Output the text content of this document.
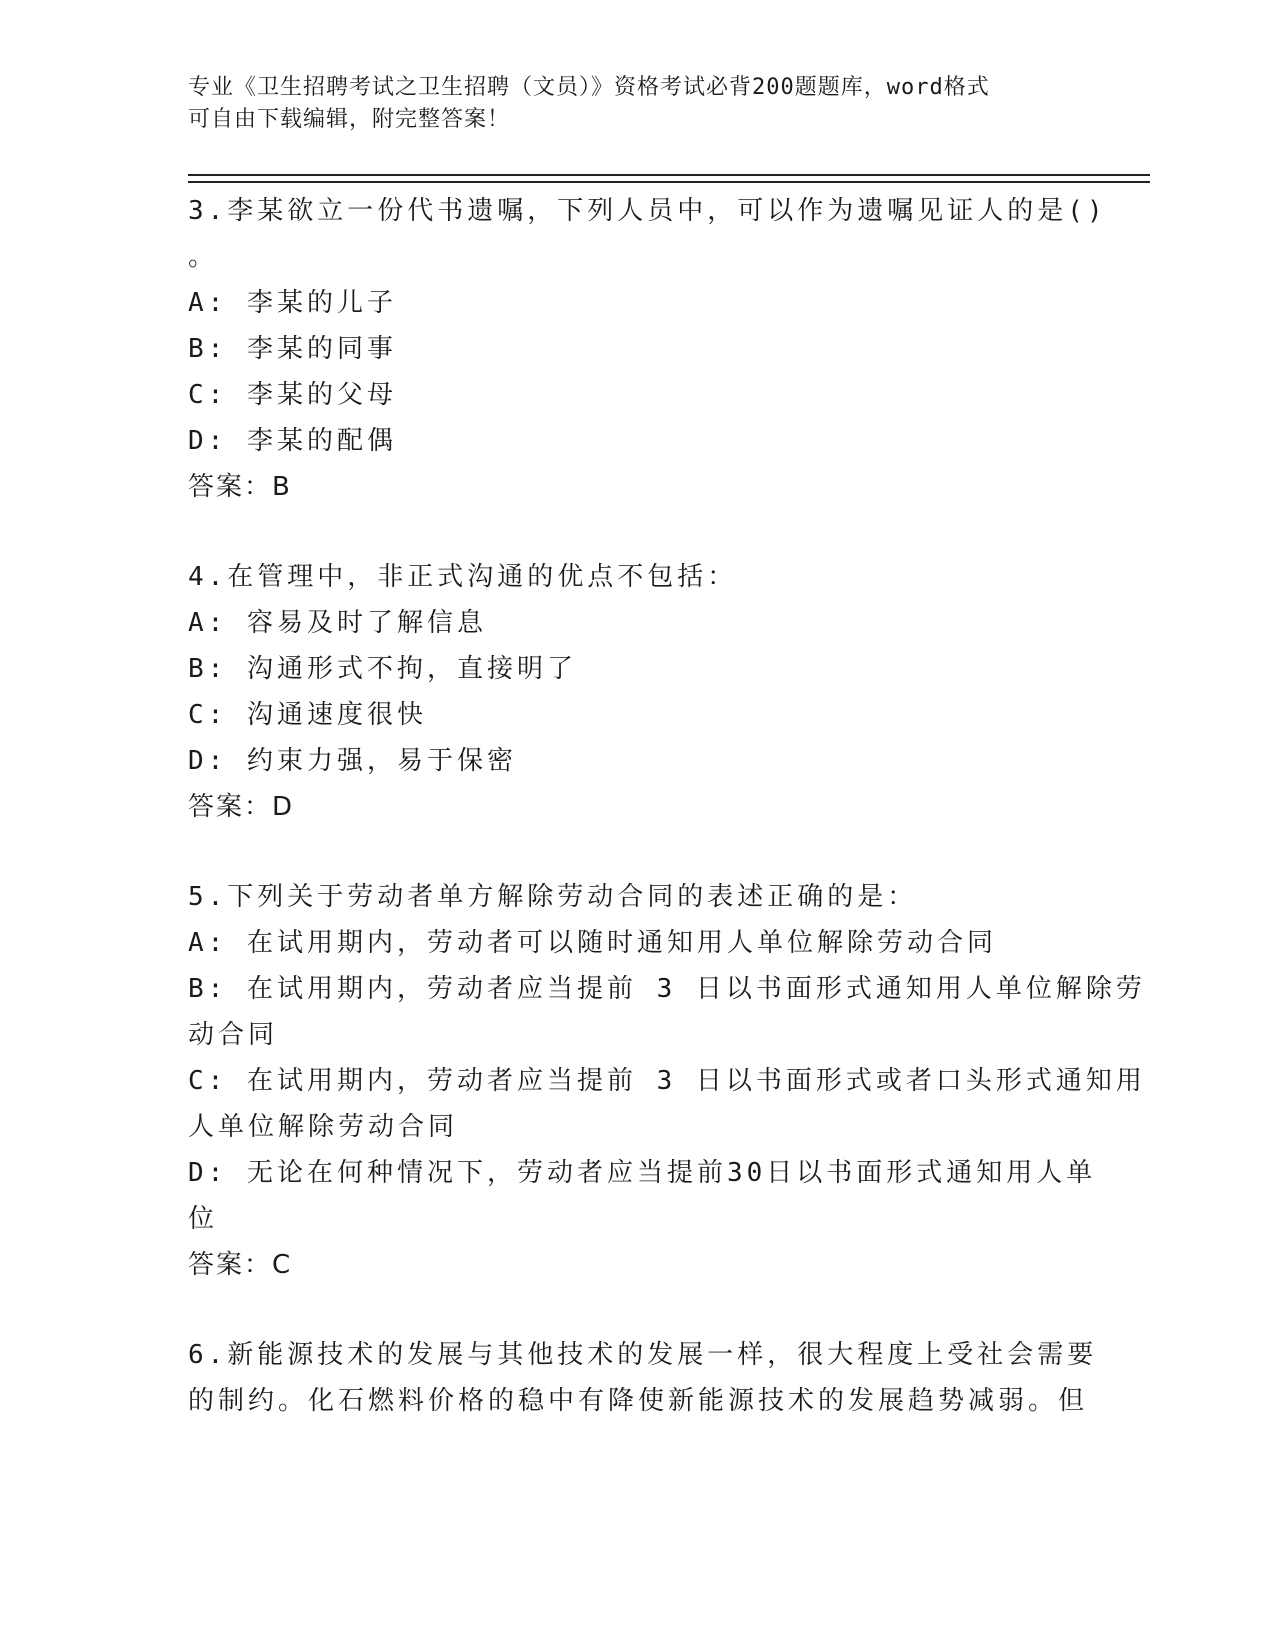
专业《卫生招聘考试之卫生招聘（文员）》资格考试必背200题题库，word格式
可自由下载编辑，附完整答案！
3.李某欲立一份代书遗嘱，下列人员中，可以作为遗嘱见证人的是()
。
A: 李某的儿子
B: 李某的同事
C: 李某的父母
D: 李某的配偶
答案：B
4.在管理中，非正式沟通的优点不包括：
A: 容易及时了解信息
B: 沟通形式不拘，直接明了
C: 沟通速度很快
D: 约束力强，易于保密
答案：D
5.下列关于劳动者单方解除劳动合同的表述正确的是：
A: 在试用期内，劳动者可以随时通知用人单位解除劳动合同
B: 在试用期内，劳动者应当提前 3 日以书面形式通知用人单位解除劳
动合同
C: 在试用期内，劳动者应当提前 3 日以书面形式或者口头形式通知用
人单位解除劳动合同
D: 无论在何种情况下，劳动者应当提前30日以书面形式通知用人单
位
答案：C
6.新能源技术的发展与其他技术的发展一样，很大程度上受社会需要
的制约。化石燃料价格的稳中有降使新能源技术的发展趋势减弱。但
